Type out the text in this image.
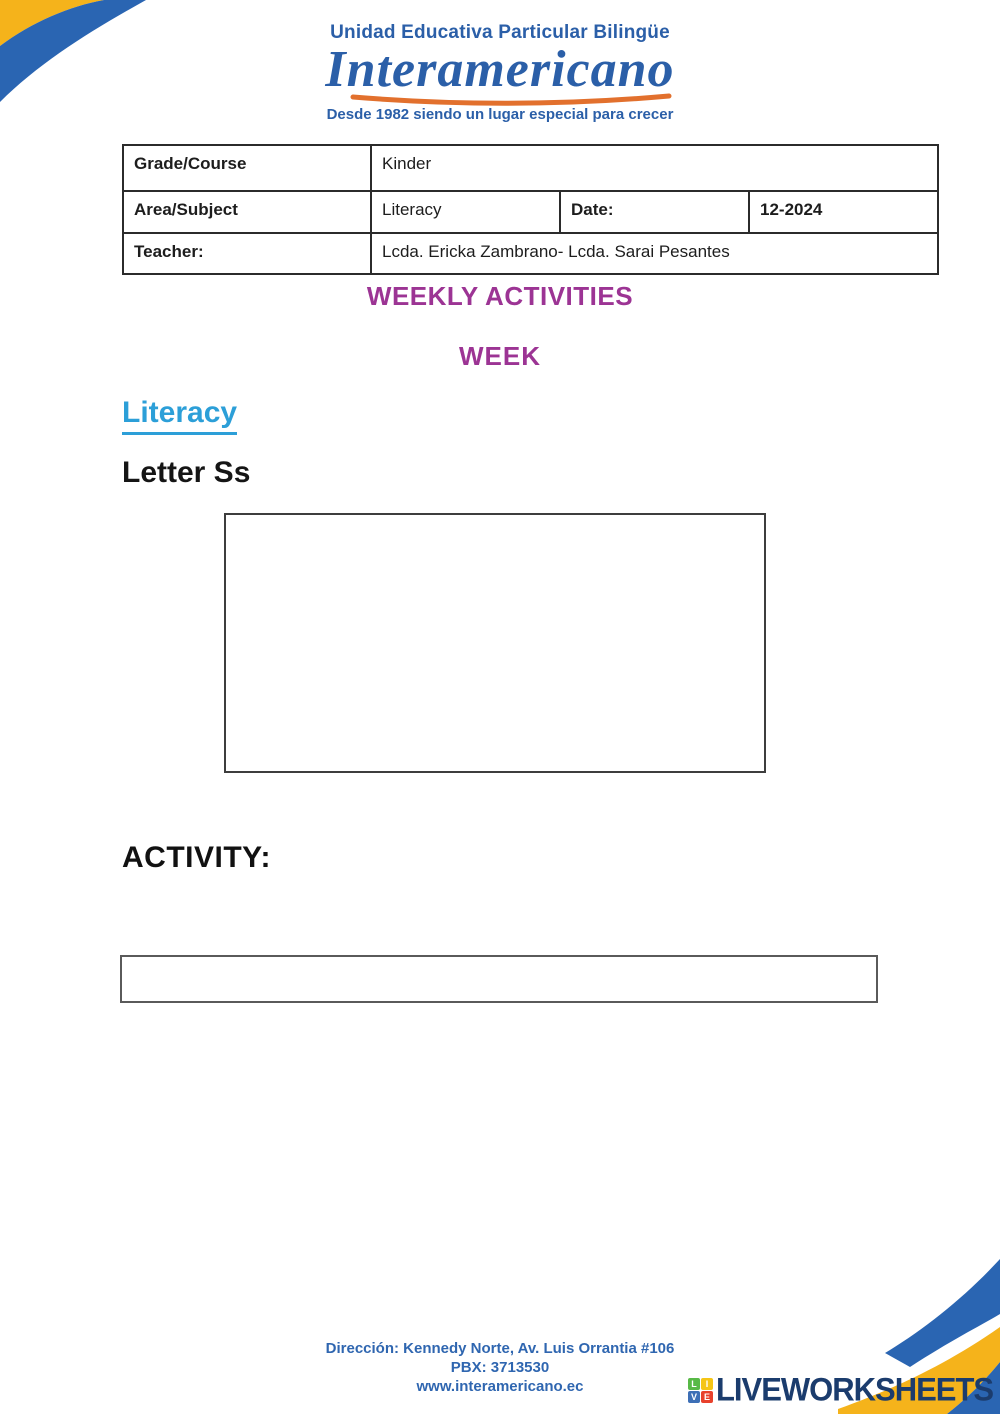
Unidad Educativa Particular Bilingüe
Interamericano
Desde 1982 siendo un lugar especial para crecer
Grade/Course	Kinder		
Area/Subject	Literacy	Date:	12-2024
Teacher:	Lcda. Ericka Zambrano- Lcda. Sarai Pesantes		
WEEKLY ACTIVITIES
WEEK
Literacy
Letter Ss
ACTIVITY:
Dirección: Kennedy Norte, Av. Luis Orrantia #106
PBX: 3713530
www.interamericano.ec	L I
V E LIVEWORKSHEETS
